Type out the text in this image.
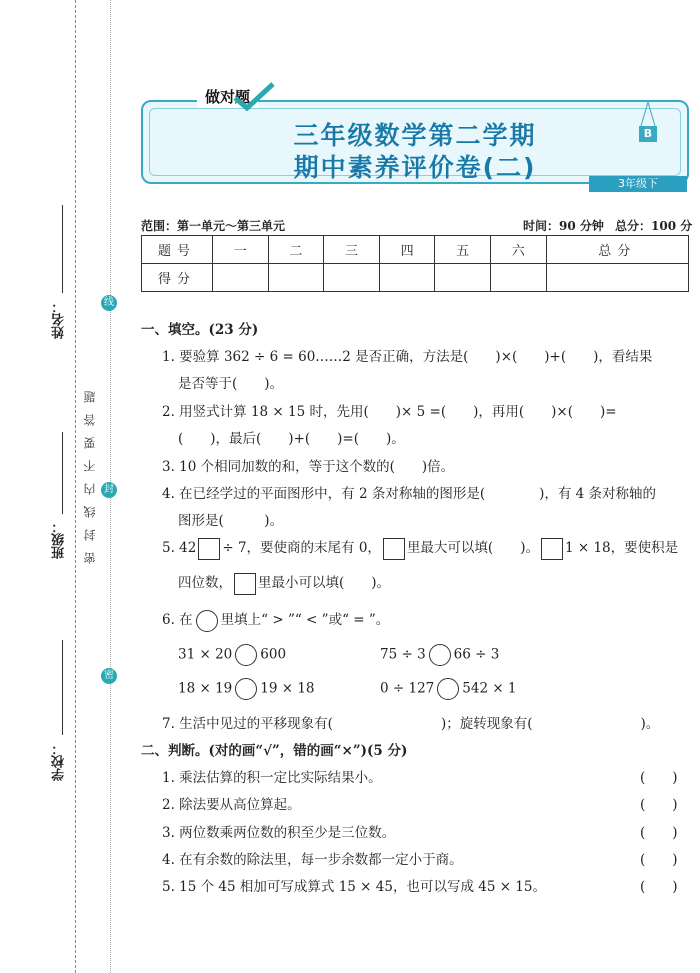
姓名：
班级：
学校：
密封线内不要答题
线
封
密
做对题
三年级数学第二学期
期中素养评价卷(二)
B
3年级下
范围：第一单元～第三单元	时间：90 分钟 总分：100 分
题号	一	二	三	四	五	六	总分
得分							
一、填空。(23 分)
1. 要验算 362 ÷ 6 = 60……2 是否正确，方法是(　　)×(　　)+(　　)，看结果
是否等于(　　)。
2. 用竖式计算 18 × 15 时，先用(　　)× 5 =(　　)，再用(　　)×(　　)=
(　　)，最后(　　)+(　　)=(　　)。
3. 10 个相同加数的和，等于这个数的(　　)倍。
4. 在已经学过的平面图形中，有 2 条对称轴的图形是(　　　　)，有 4 条对称轴的
图形是(　　　)。
5. 42 ÷ 7，要使商的末尾有 0， 里最大可以填(　　)。 1 × 18，要使积是
四位数， 里最小可以填(　　)。
6. 在 里填上“ > ”“ < ”或“ = ”。
31 × 20 600	75 ÷ 3 66 ÷ 3
18 × 19 19 × 18	0 ÷ 127 542 × 1
7. 生活中见过的平移现象有(　　　　　　　　)；旋转现象有(　　　　　　　　)。
二、判断。(对的画“√”，错的画“×”)(5 分)
1. 乘法估算的积一定比实际结果小。	(　　)
2. 除法要从高位算起。	(　　)
3. 两位数乘两位数的积至少是三位数。	(　　)
4. 在有余数的除法里，每一步余数都一定小于商。	(　　)
5. 15 个 45 相加可写成算式 15 × 45，也可以写成 45 × 15。	(　　)
